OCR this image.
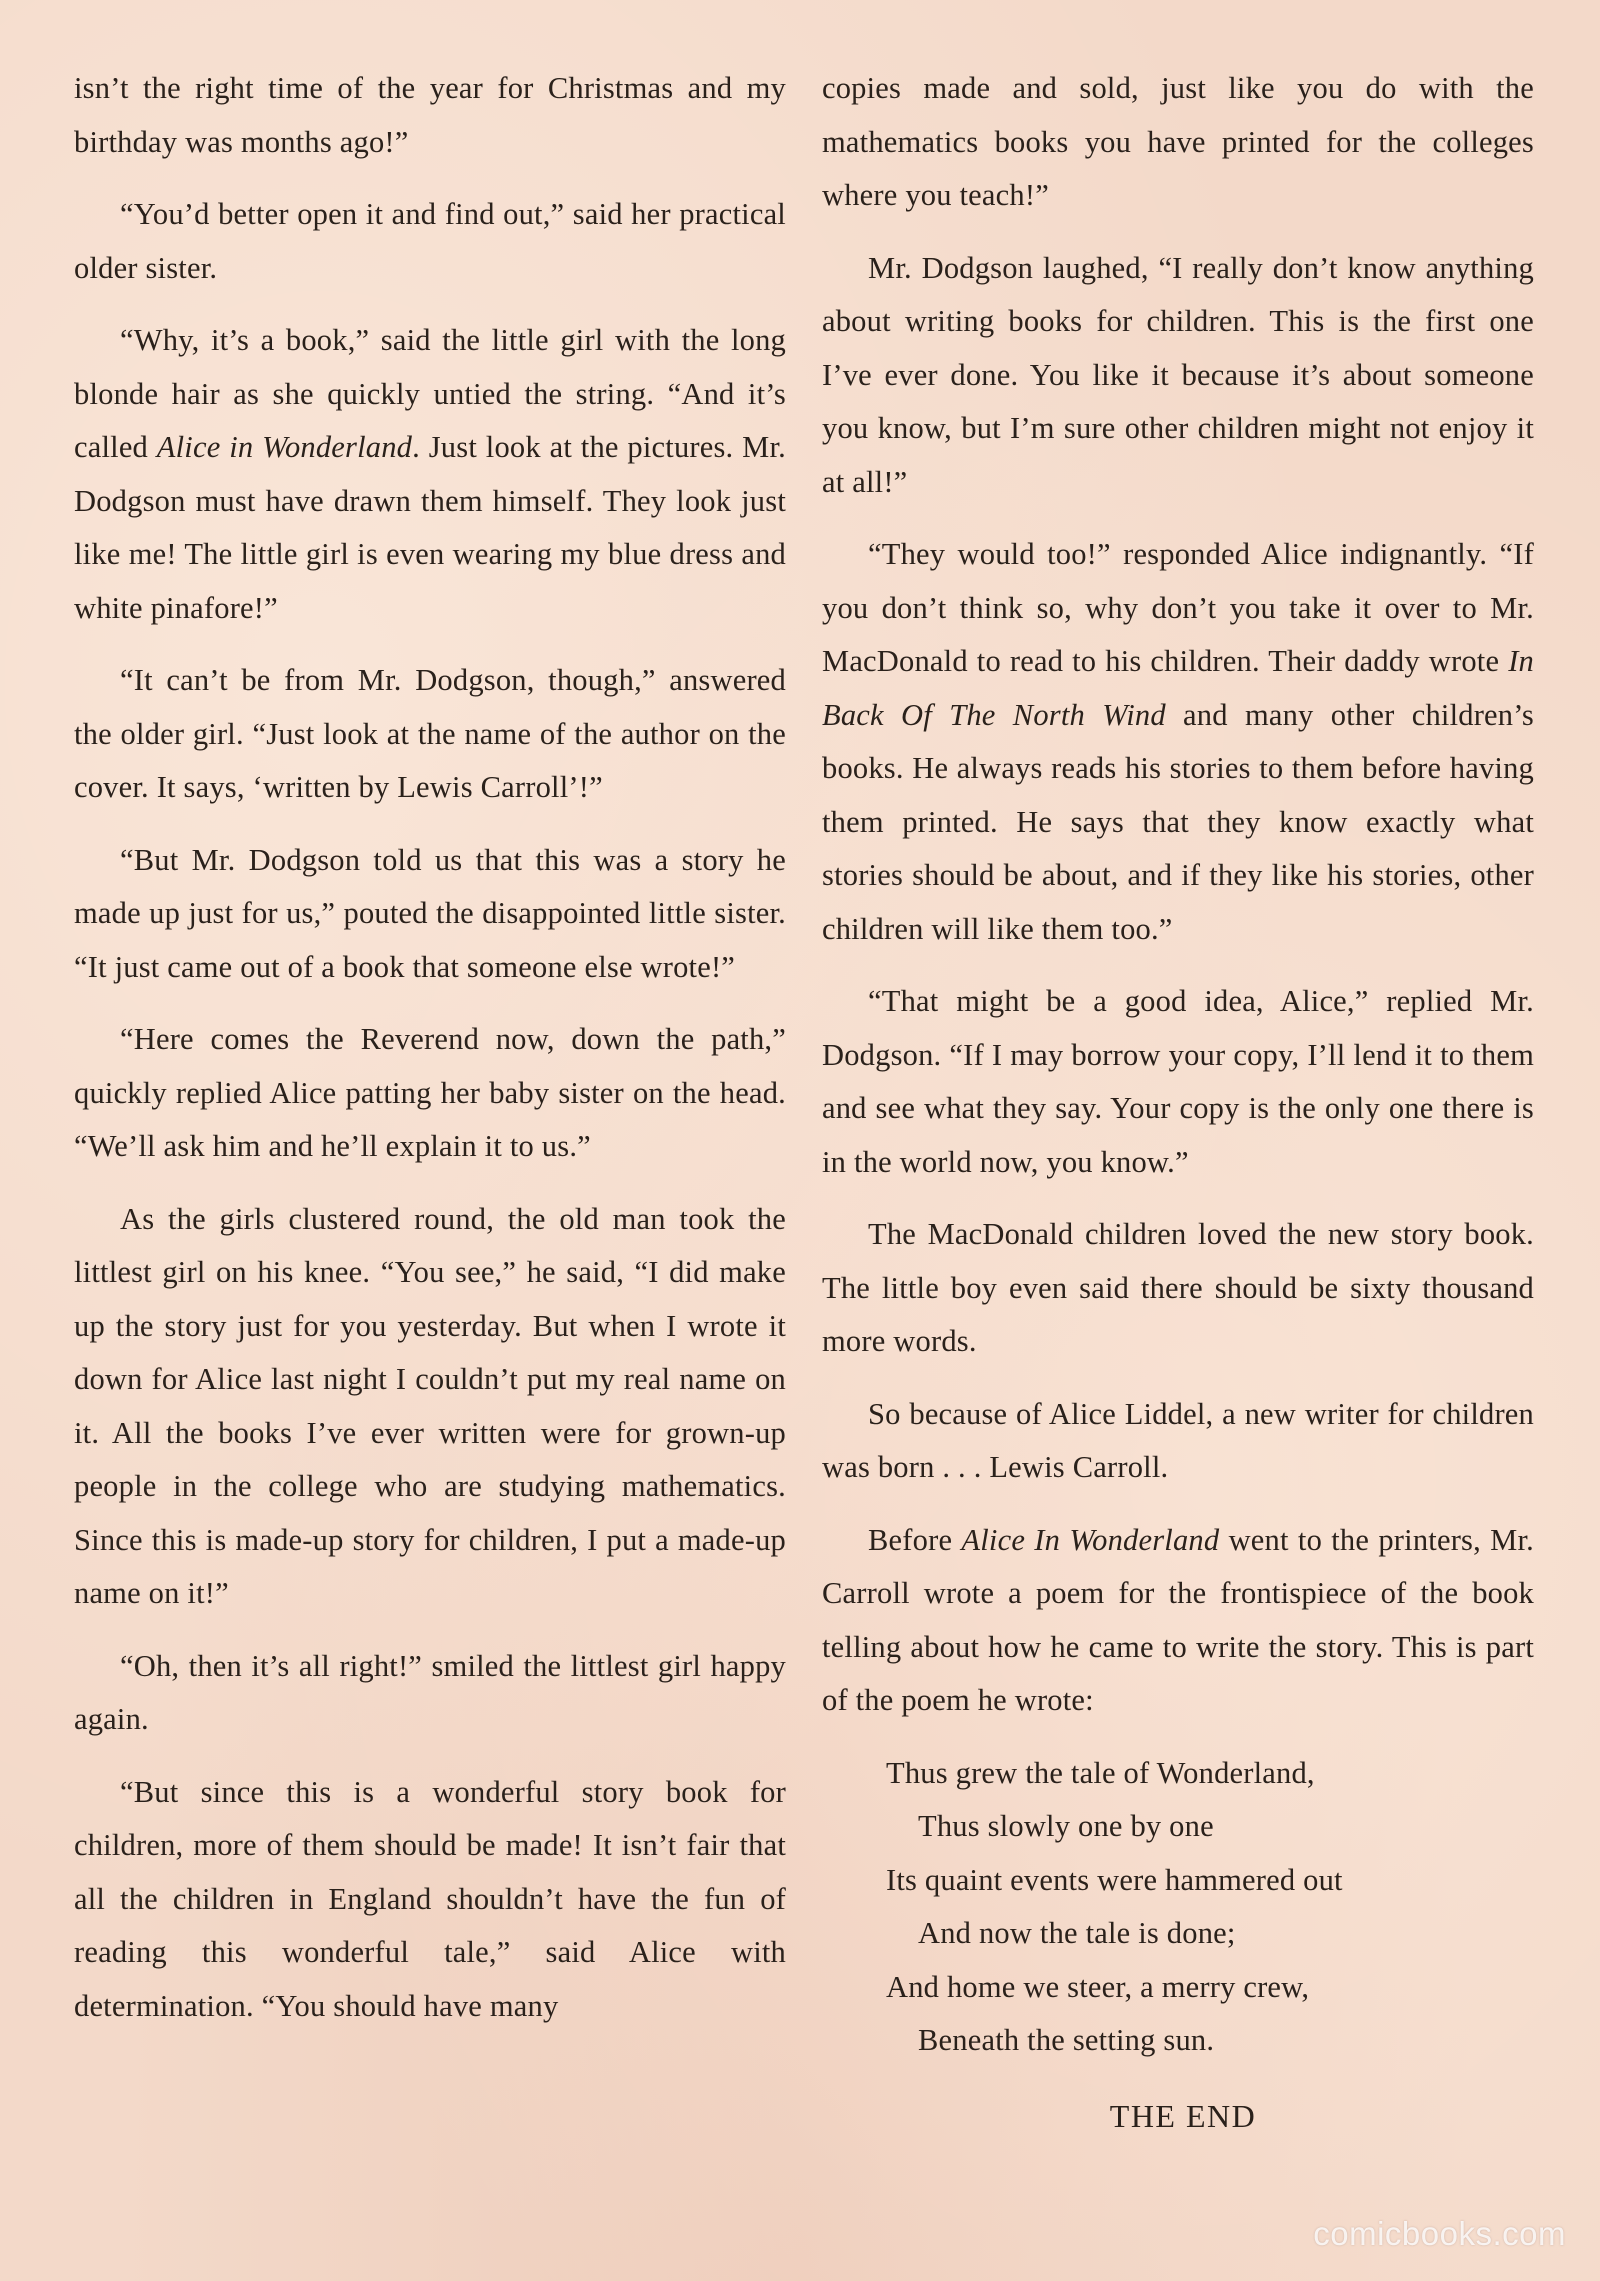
isn’t the right time of the year for Christmas and my birthday was months ago!”

“You’d better open it and find out,” said her practical older sister.

“Why, it’s a book,” said the little girl with the long blonde hair as she quickly untied the string. “And it’s called Alice in Wonderland. Just look at the pictures. Mr. Dodgson must have drawn them himself. They look just like me! The little girl is even wearing my blue dress and white pinafore!”

“It can’t be from Mr. Dodgson, though,” answered the older girl. “Just look at the name of the author on the cover. It says, ‘written by Lewis Carroll’!”

“But Mr. Dodgson told us that this was a story he made up just for us,” pouted the disappointed little sister. “It just came out of a book that someone else wrote!”

“Here comes the Reverend now, down the path,” quickly replied Alice patting her baby sister on the head. “We’ll ask him and he’ll explain it to us.”

As the girls clustered round, the old man took the littlest girl on his knee. “You see,” he said, “I did make up the story just for you yesterday. But when I wrote it down for Alice last night I couldn’t put my real name on it. All the books I’ve ever written were for grown-up people in the college who are studying mathematics. Since this is made-up story for children, I put a made-up name on it!”

“Oh, then it’s all right!” smiled the littlest girl happy again.

“But since this is a wonderful story book for children, more of them should be made! It isn’t fair that all the children in England shouldn’t have the fun of reading this wonderful tale,” said Alice with determination. “You should have many

copies made and sold, just like you do with the mathematics books you have printed for the colleges where you teach!”

Mr. Dodgson laughed, “I really don’t know anything about writing books for children. This is the first one I’ve ever done. You like it because it’s about someone you know, but I’m sure other children might not enjoy it at all!”

“They would too!” responded Alice indignantly. “If you don’t think so, why don’t you take it over to Mr. MacDonald to read to his children. Their daddy wrote In Back Of The North Wind and many other children’s books. He always reads his stories to them before having them printed. He says that they know exactly what stories should be about, and if they like his stories, other children will like them too.”

“That might be a good idea, Alice,” replied Mr. Dodgson. “If I may borrow your copy, I’ll lend it to them and see what they say. Your copy is the only one there is in the world now, you know.”

The MacDonald children loved the new story book. The little boy even said there should be sixty thousand more words.

So because of Alice Liddel, a new writer for children was born . . . Lewis Carroll.

Before Alice In Wonderland went to the printers, Mr. Carroll wrote a poem for the frontispiece of the book telling about how he came to write the story. This is part of the poem he wrote:

Thus grew the tale of Wonderland,
Thus slowly one by one
Its quaint events were hammered out
And now the tale is done;
And home we steer, a merry crew,
Beneath the setting sun.
THE END
comicbooks.com
